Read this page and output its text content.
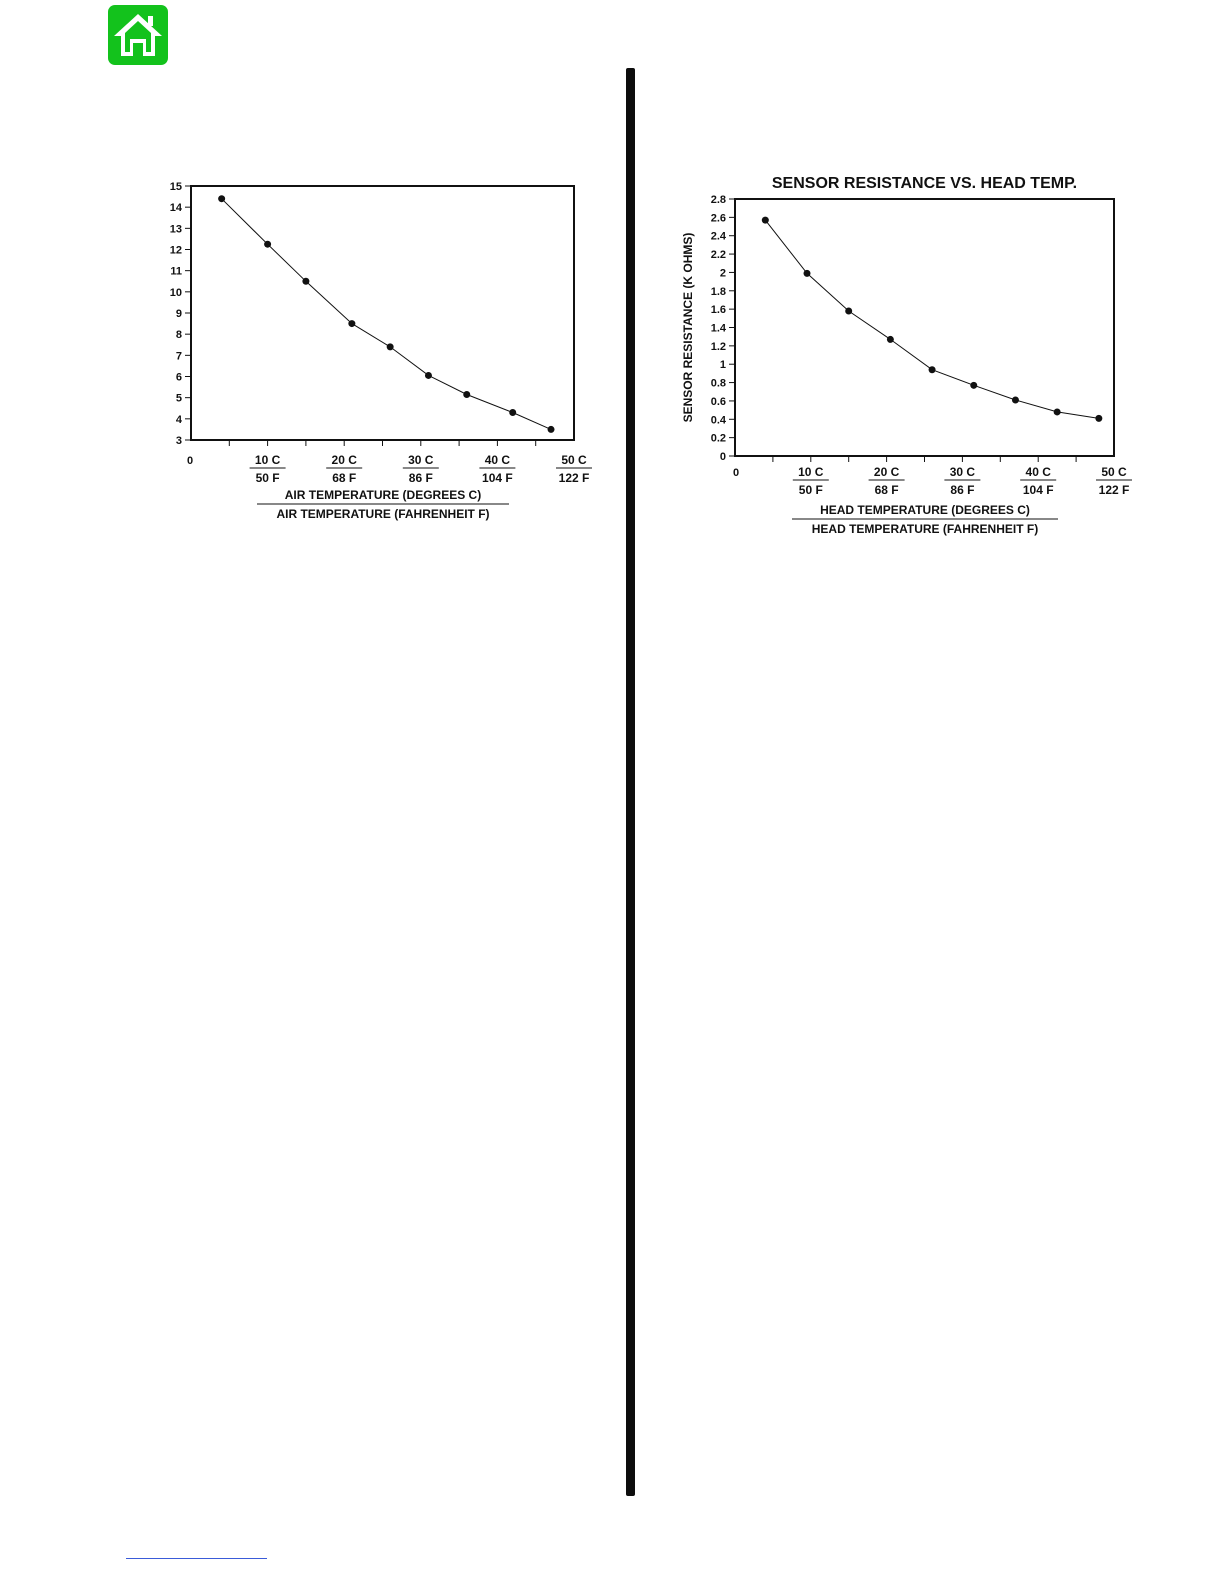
3
4
5
6
7
8
9
10
11
12
13
14
15
0	10 C
50 F
20 C
68 F
30 C
86 F
40 C
104 F
50 C
122 F
AIR TEMPERATURE (DEGREES C)
AIR TEMPERATURE (FAHRENHEIT F)
SENSOR RESISTANCE VS. HEAD TEMP.
0
0.2
0.4
0.6
0.8
1
1.2
1.4
1.6
1.8
2
2.2
2.4
2.6
2.8
0	10 C
50 F
20 C
68 F
30 C
86 F
40 C
104 F
50 C
122 F
HEAD TEMPERATURE (DEGREES C)
HEAD TEMPERATURE (FAHRENHEIT F)
SENSOR RESISTANCE (K OHMS)
